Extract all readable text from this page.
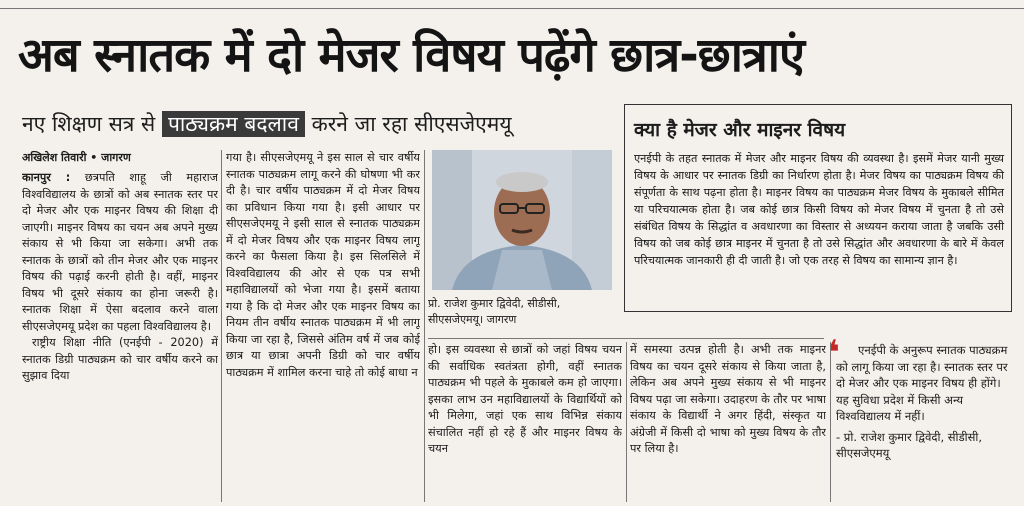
अब स्नातक में दो मेजर विषय पढ़ेंगे छात्र-छात्राएं
नए शिक्षण सत्र से पाठ्यक्रम बदलाव करने जा रहा सीएसजेएमयू
अखिलेश तिवारी • जागरण

कानपुर : छत्रपति शाहू जी महाराज विश्वविद्यालय के छात्रों को अब स्नातक स्तर पर दो मेजर और एक माइनर विषय की शिक्षा दी जाएगी। माइनर विषय का चयन अब अपने मुख्य संकाय से भी किया जा सकेगा। अभी तक स्नातक के छात्रों को तीन मेजर और एक माइनर विषय की पढ़ाई करनी होती है। वहीं, माइनर विषय भी दूसरे संकाय का होना जरूरी है। स्नातक शिक्षा में ऐसा बदलाव करने वाला सीएसजेएमयू प्रदेश का पहला विश्वविद्यालय है।

राष्ट्रीय शिक्षा नीति (एनईपी - 2020) में स्नातक डिग्री पाठ्यक्रम को चार वर्षीय करने का सुझाव दिया

गया है। सीएसजेएमयू ने इस साल से चार वर्षीय स्नातक पाठ्यक्रम लागू करने की घोषणा भी कर दी है। चार वर्षीय पाठ्यक्रम में दो मेजर विषय का प्रविधान किया गया है। इसी आधार पर सीएसजेएमयू ने इसी साल से स्नातक पाठ्यक्रम में दो मेजर विषय और एक माइनर विषय लागू करने का फैसला किया है। इस सिलसिले में विश्वविद्यालय की ओर से एक पत्र सभी महाविद्यालयों को भेजा गया है। इसमें बताया गया है कि दो मेजर और एक माइनर विषय का नियम तीन वर्षीय स्नातक पाठ्यक्रम में भी लागू किया जा रहा है, जिससे अंतिम वर्ष में जब कोई छात्र या छात्रा अपनी डिग्री को चार वर्षीय पाठ्यक्रम में शामिल करना चाहे तो कोई बाधा न

प्रो. राजेश कुमार द्विवेदी, सीडीसी, सीएसजेएमयू। जागरण

हो। इस व्यवस्था से छात्रों को जहां विषय चयन की सर्वाधिक स्वतंत्रता होगी, वहीं स्नातक पाठ्यक्रम भी पहले के मुकाबले कम हो जाएगा। इसका लाभ उन महाविद्यालयों के विद्यार्थियों को भी मिलेगा, जहां एक साथ विभिन्न संकाय संचालित नहीं हो रहे हैं और माइनर विषय के चयन

में समस्या उत्पन्न होती है। अभी तक माइनर विषय का चयन दूसरे संकाय से किया जाता है, लेकिन अब अपने मुख्य संकाय से भी माइनर विषय पढ़ा जा सकेगा। उदाहरण के तौर पर भाषा संकाय के विद्यार्थी ने अगर हिंदी, संस्कृत या अंग्रेजी में किसी दो भाषा को मुख्य विषय के तौर पर लिया है।

क्या है मेजर और माइनर विषय
एनईपी के तहत स्नातक में मेजर और माइनर विषय की व्यवस्था है। इसमें मेजर यानी मुख्य विषय के आधार पर स्नातक डिग्री का निर्धारण होता है। मेजर विषय का पाठ्यक्रम विषय की संपूर्णता के साथ पढ़ना होता है। माइनर विषय का पाठ्यक्रम मेजर विषय के मुकाबले सीमित या परिचयात्मक होता है। जब कोई छात्र किसी विषय को मेजर विषय में चुनता है तो उसे संबंधित विषय के सिद्धांत व अवधारणा का विस्तार से अध्ययन कराया जाता है जबकि उसी विषय को जब कोई छात्र माइनर में चुनता है तो उसे सिद्धांत और अवधारणा के बारे में केवल परिचयात्मक जानकारी ही दी जाती है। जो एक तरह से विषय का सामान्य ज्ञान है।
❛	एनईपी के अनुरूप स्नातक पाठ्यक्रम को लागू किया जा रहा है। स्नातक स्तर पर दो मेजर और एक माइनर विषय ही होंगे। यह सुविधा प्रदेश में किसी अन्य विश्वविद्यालय में नहीं।

- प्रो. राजेश कुमार द्विवेदी, सीडीसी, सीएसजेएमयू
